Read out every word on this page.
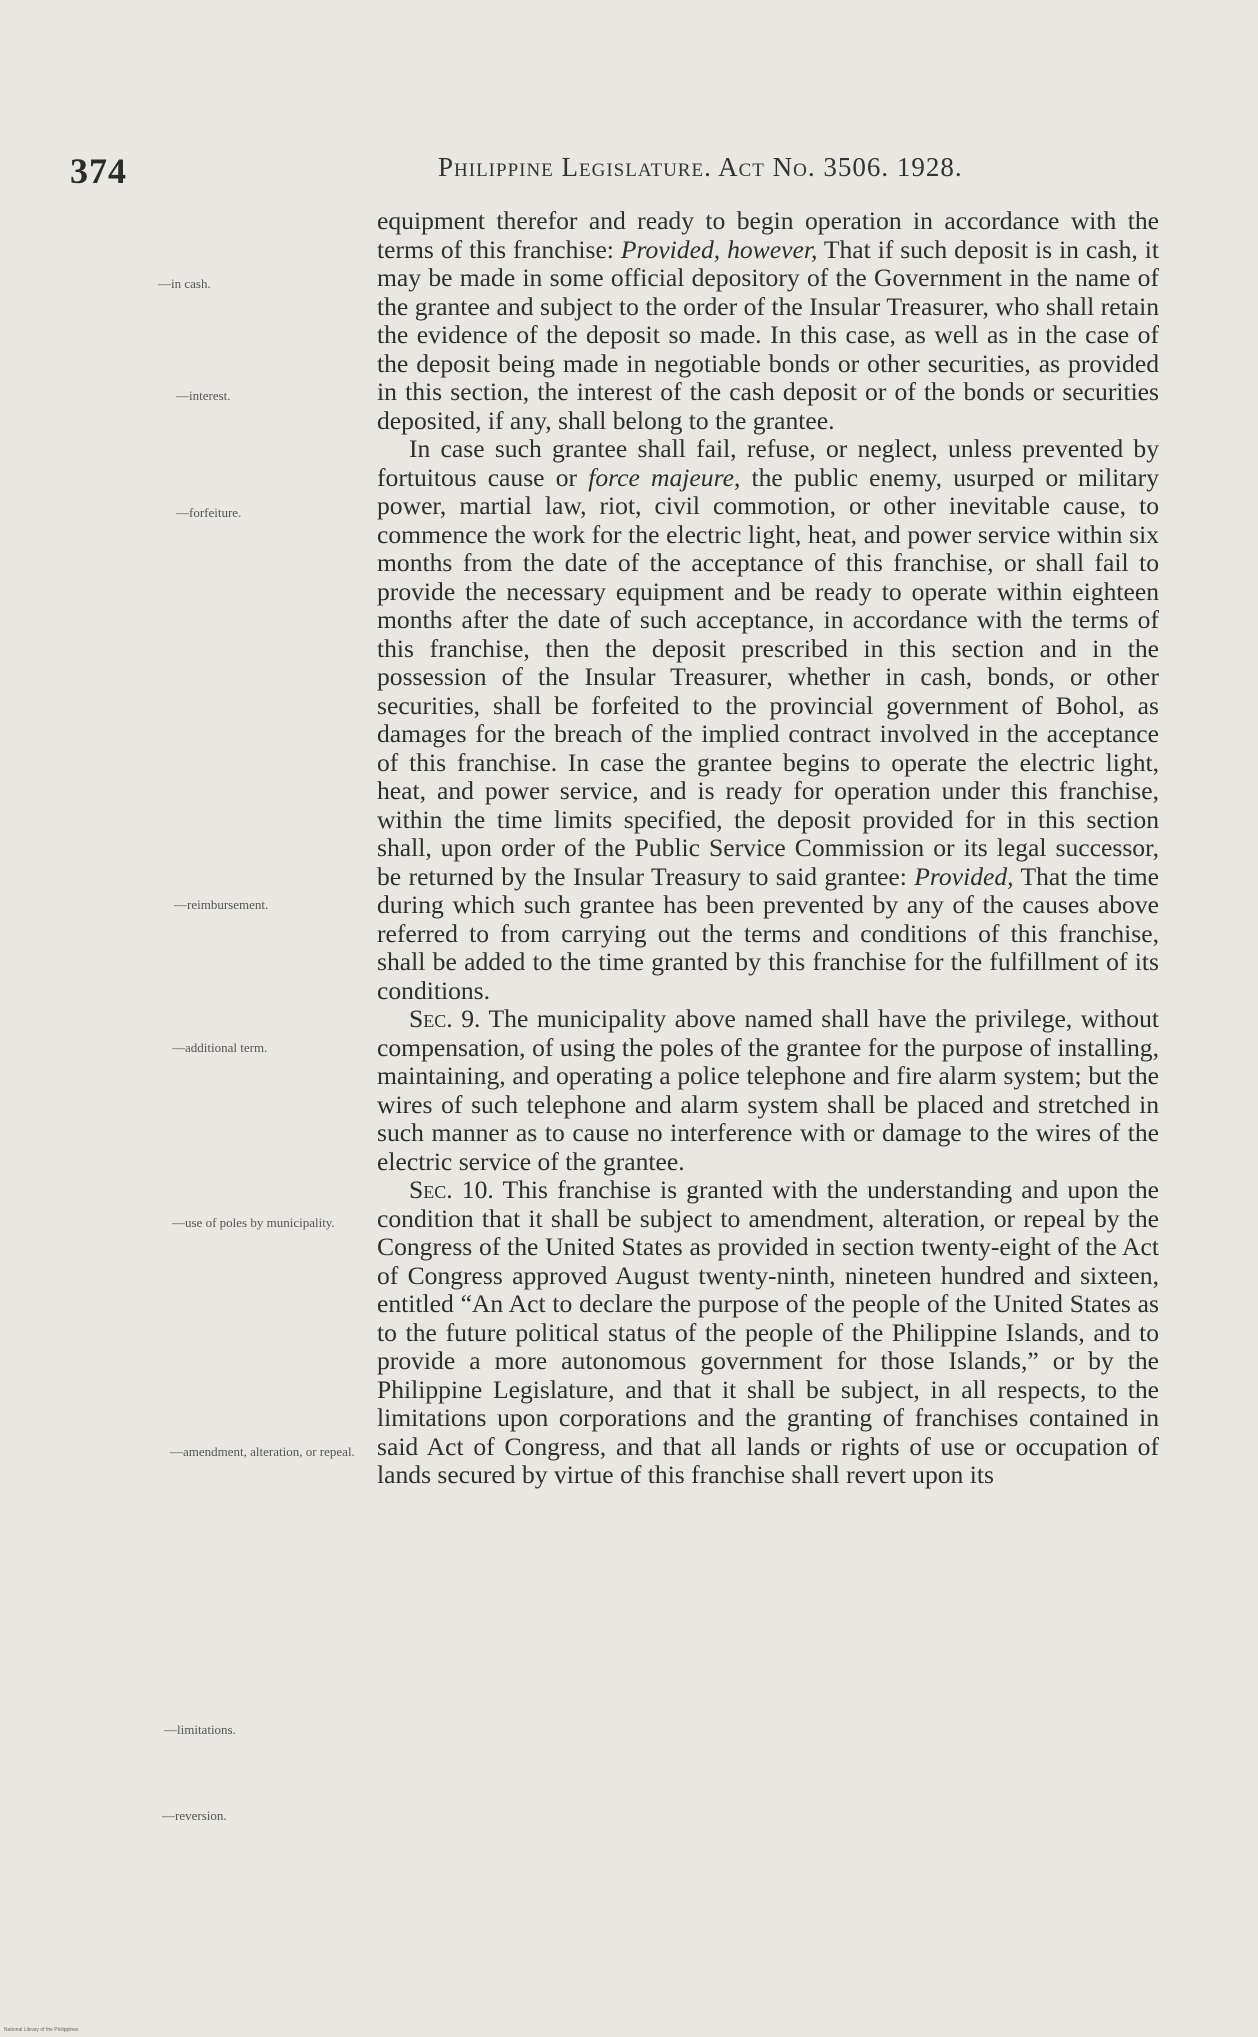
374	Philippine Legislature. Act No. 3506. 1928.
—in cash.
—interest.
—forfeiture.
—reimbursement.
—additional term.
—use of poles by municipality.
—amendment, alteration, or repeal.
—limitations.
—reversion.

equipment therefor and ready to begin operation in accordance with the terms of this franchise: Provided, however, That if such deposit is in cash, it may be made in some official depository of the Government in the name of the grantee and subject to the order of the Insular Treasurer, who shall retain the evidence of the deposit so made. In this case, as well as in the case of the deposit being made in negotiable bonds or other securities, as provided in this section, the interest of the cash deposit or of the bonds or securities deposited, if any, shall belong to the grantee.

In case such grantee shall fail, refuse, or neglect, unless prevented by fortuitous cause or force majeure, the public enemy, usurped or military power, martial law, riot, civil commotion, or other inevitable cause, to commence the work for the electric light, heat, and power service within six months from the date of the acceptance of this franchise, or shall fail to provide the necessary equipment and be ready to operate within eighteen months after the date of such acceptance, in accordance with the terms of this franchise, then the deposit prescribed in this section and in the possession of the Insular Treasurer, whether in cash, bonds, or other securities, shall be forfeited to the provincial government of Bohol, as damages for the breach of the implied contract involved in the acceptance of this franchise. In case the grantee begins to operate the electric light, heat, and power service, and is ready for operation under this franchise, within the time limits specified, the deposit provided for in this section shall, upon order of the Public Service Commission or its legal successor, be returned by the Insular Treasury to said grantee: Provided, That the time during which such grantee has been prevented by any of the causes above referred to from carrying out the terms and conditions of this franchise, shall be added to the time granted by this franchise for the fulfillment of its conditions.

Sec. 9. The municipality above named shall have the privilege, without compensation, of using the poles of the grantee for the purpose of installing, maintaining, and operating a police telephone and fire alarm system; but the wires of such telephone and alarm system shall be placed and stretched in such manner as to cause no interference with or damage to the wires of the electric service of the grantee.

Sec. 10. This franchise is granted with the understanding and upon the condition that it shall be subject to amendment, alteration, or repeal by the Congress of the United States as provided in section twenty-eight of the Act of Congress approved August twenty-ninth, nineteen hundred and sixteen, entitled “An Act to declare the purpose of the people of the United States as to the future political status of the people of the Philippine Islands, and to provide a more autonomous government for those Islands,” or by the Philippine Legislature, and that it shall be subject, in all respects, to the limitations upon corporations and the granting of franchises contained in said Act of Congress, and that all lands or rights of use or occupation of lands secured by virtue of this franchise shall revert upon its

National Library of the Philippines
